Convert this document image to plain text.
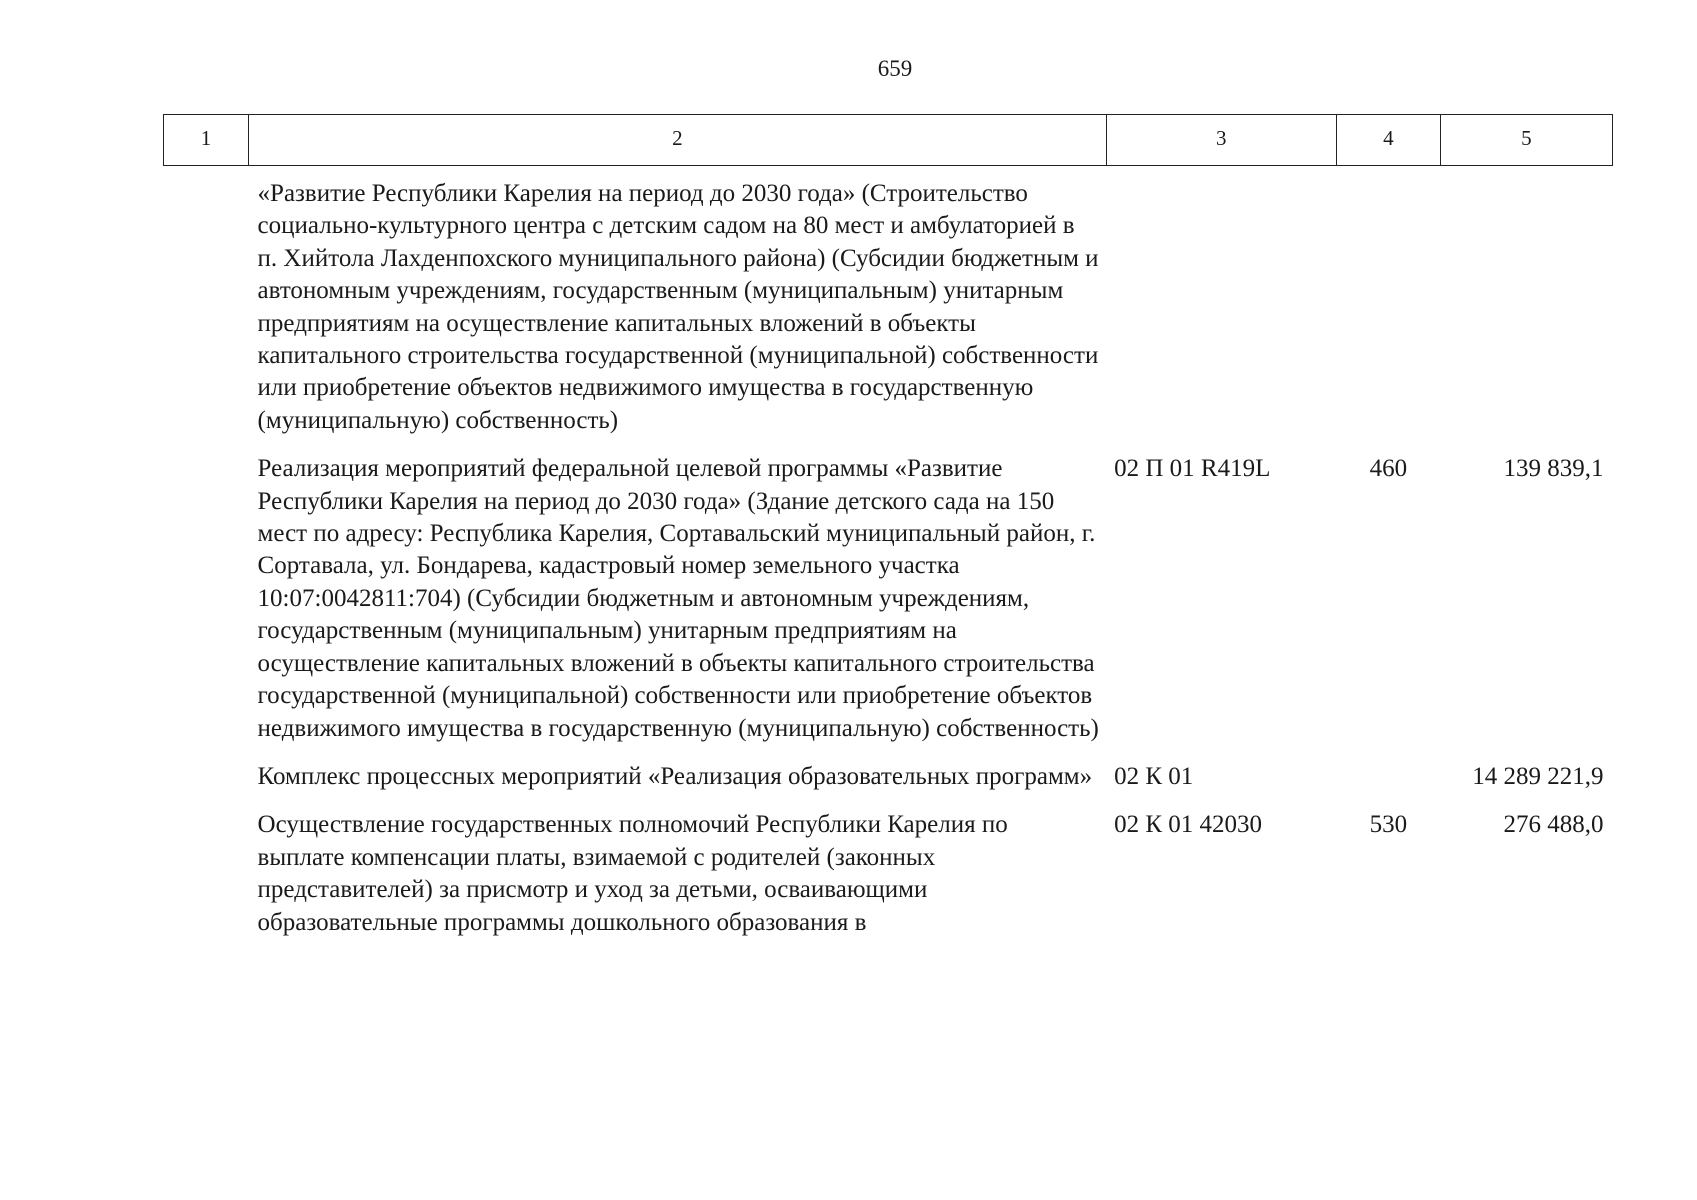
659
1	2	3	4	5
	«Развитие Республики Карелия на период до 2030 года» (Строительство социально-культурного центра с детским садом на 80 мест и амбулаторией в п. Хийтола Лахденпохского муниципального района) (Субсидии бюджетным и автономным учреждениям, государственным (муниципальным) унитарным предприятиям на осуществление капитальных вложений в объекты капитального строительства государственной (муниципальной) собственности или приобретение объектов недвижимого имущества в государственную (муниципальную) собственность)			
	Реализация мероприятий федеральной целевой программы «Развитие Республики Карелия на период до 2030 года» (Здание детского сада на 150 мест по адресу: Республика Карелия, Сортавальский муниципальный район, г. Сортавала, ул. Бондарева, кадастровый номер земельного участка 10:07:0042811:704) (Субсидии бюджетным и автономным учреждениям, государственным (муниципальным) унитарным предприятиям на осуществление капитальных вложений в объекты капитального строительства государственной (муниципальной) собственности или приобретение объектов недвижимого имущества в государственную (муниципальную) собственность)	02 П 01 R419L	460	139 839,1
	Комплекс процессных мероприятий «Реализация образовательных программ»	02 К 01		14 289 221,9
	Осуществление государственных полномочий Республики Карелия по выплате компенсации платы, взимаемой с родителей (законных представителей) за присмотр и уход за детьми, осваивающими образовательные программы дошкольного образования в	02 К 01 42030	530	276 488,0
